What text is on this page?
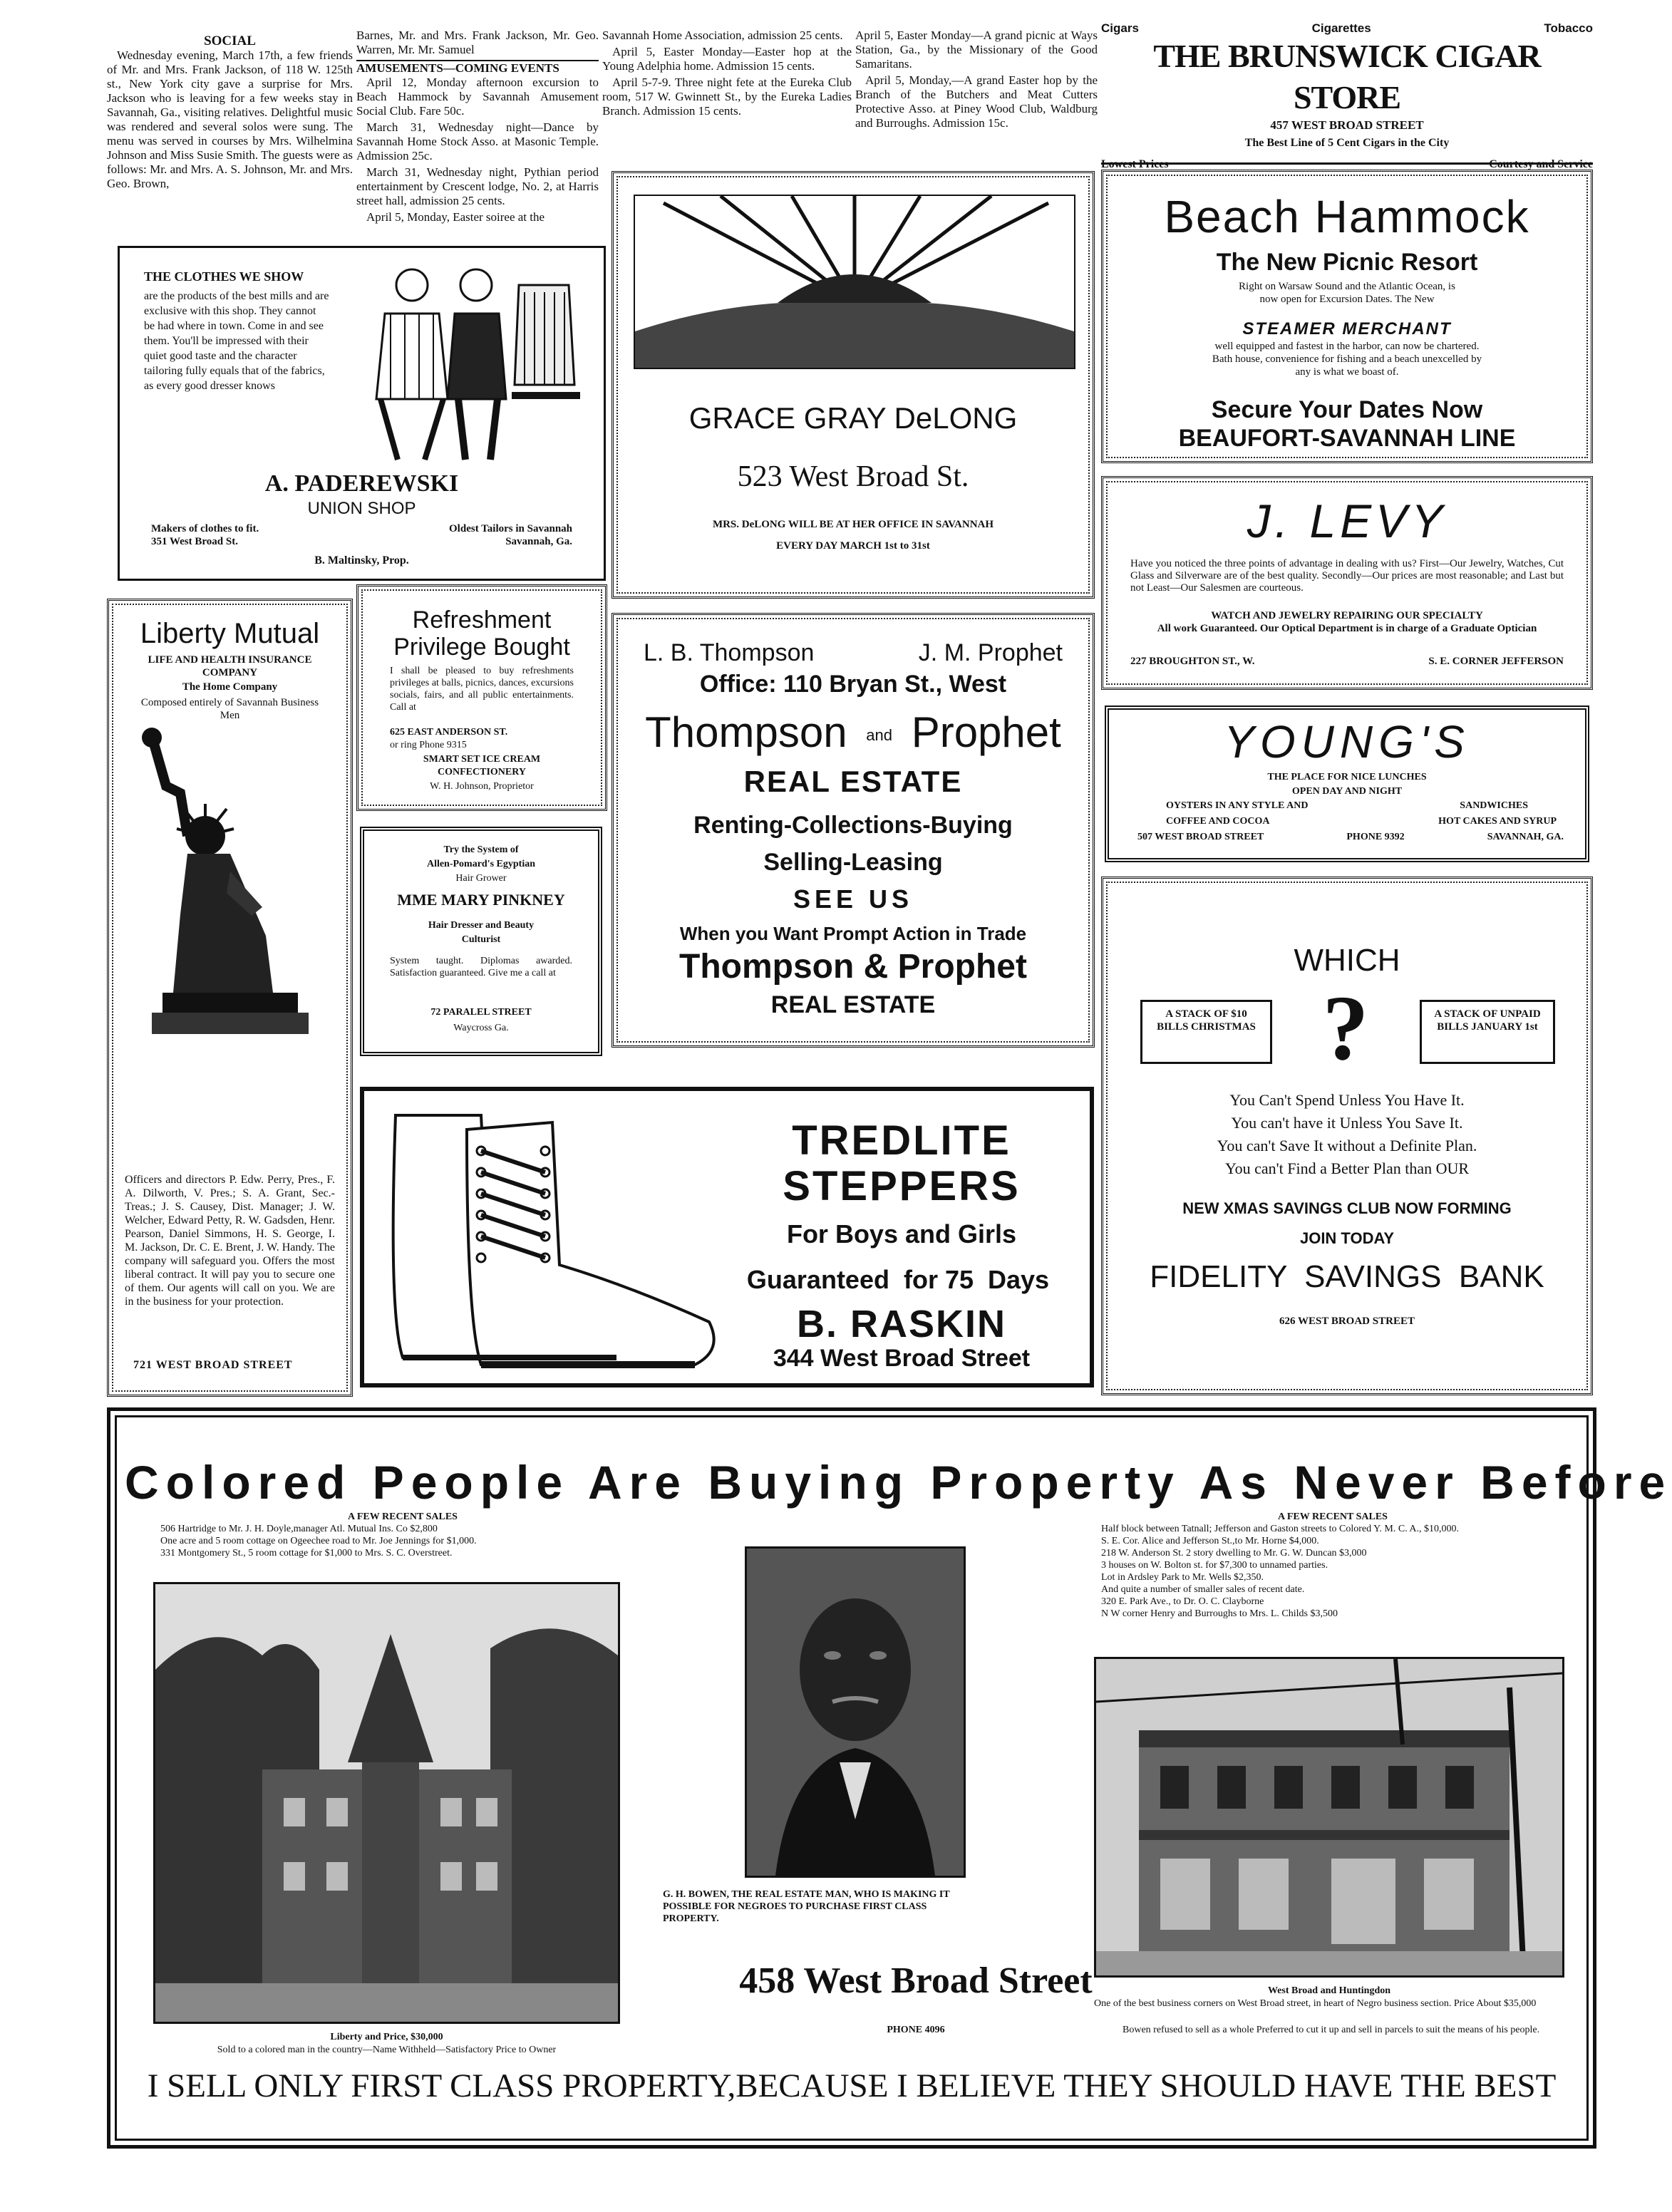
SOCIAL

Wednesday evening, March 17th, a few friends of Mr. and Mrs. Frank Jackson, of 118 W. 125th st., New York city gave a surprise for Mrs. Jackson who is leaving for a few weeks stay in Savannah, Ga., visiting relatives. Delightful music was rendered and several solos were sung. The menu was served in courses by Mrs. Wilhelmina Johnson and Miss Susie Smith. The guests were as follows: Mr. and Mrs. A. S. Johnson, Mr. and Mrs. Geo. Brown,

Barnes, Mr. and Mrs. Frank Jackson, Mr. Geo. Warren, Mr. Mr. Samuel
AMUSEMENTS—COMING EVENTS

April 12, Monday afternoon excursion to Beach Hammock by Savannah Amusement Social Club. Fare 50c.

March 31, Wednesday night—Dance by Savannah Home Stock Asso. at Masonic Temple. Admission 25c.

March 31, Wednesday night, Pythian period entertainment by Crescent lodge, No. 2, at Harris street hall, admission 25 cents.

April 5, Monday, Easter soiree at the

Savannah Home Association, admission 25 cents.

April 5, Easter Monday—Easter hop at the Young Adelphia home. Admission 15 cents.

April 5-7-9. Three night fete at the Eureka Club room, 517 W. Gwinnett St., by the Eureka Ladies Branch. Admission 15 cents.

April 5, Easter Monday—A grand picnic at Ways Station, Ga., by the Missionary of the Good Samaritans.

April 5, Monday,—A grand Easter hop by the Branch of the Butchers and Meat Cutters Protective Asso. at Piney Wood Club, Waldburg and Burroughs. Admission 15c.

Cigars	Cigarettes	Tobacco
THE BRUNSWICK CIGAR STORE
457 WEST BROAD STREET
The Best Line of 5 Cent Cigars in the City
THE CLOTHES WE SHOW
are the products of the best mills and are exclusive with this shop. They cannot be had where in town. Come in and see them. You'll be impressed with their quiet good taste and the character tailoring fully equals that of the fabrics, as every good dresser knows
A. PADEREWSKI
UNION SHOP
Makers of clothes to fit.	Oldest Tailors in Savannah
351 West Broad St.	Savannah, Ga.
B. Maltinsky, Prop.
GRACE GRAY DeLONG
523 West Broad St.
MRS. DeLONG WILL BE AT HER OFFICE IN SAVANNAH
EVERY DAY MARCH 1st to 31st
Beach Hammock
The New Picnic Resort
Right on Warsaw Sound and the Atlantic Ocean, is now open for Excursion Dates. The New
STEAMER MERCHANT
well equipped and fastest in the harbor, can now be chartered. Bath house, convenience for fishing and a beach unexcelled by any is what we boast of.
Secure Your Dates Now
BEAUFORT-SAVANNAH LINE
J. LEVY
Have you noticed the three points of advantage in dealing with us? First—Our Jewelry, Watches, Cut Glass and Silverware are of the best quality. Secondly—Our prices are most reasonable; and Last but not Least—Our Salesmen are courteous.
WATCH AND JEWELRY REPAIRING OUR SPECIALTY
All work Guaranteed. Our Optical Department is in charge of a Graduate Optician
227 BROUGHTON ST., W.	S. E. CORNER JEFFERSON
Liberty Mutual
LIFE AND HEALTH INSURANCE COMPANY
The Home Company
Composed entirely of Savannah Business Men
Officers and directors P. Edw. Perry, Pres., F. A. Dilworth, V. Pres.; S. A. Grant, Sec.-Treas.; J. S. Causey, Dist. Manager; J. W. Welcher, Edward Petty, R. W. Gadsden, Henr. Pearson, Daniel Simmons, H. S. George, I. M. Jackson, Dr. C. E. Brent, J. W. Handy. The company will safeguard you. Offers the most liberal contract. It will pay you to secure one of them. Our agents will call on you. We are in the business for your protection.
721 WEST BROAD STREET
Refreshment
Privilege Bought
I shall be pleased to buy refreshments privileges at balls, picnics, dances, excursions socials, fairs, and all public entertainments. Call at
625 EAST ANDERSON ST.
or ring Phone 9315
SMART SET ICE CREAM
CONFECTIONERY
W. H. Johnson, Proprietor
Try the System of
Allen-Pomard's Egyptian
Hair Grower
MME MARY PINKNEY
Hair Dresser and Beauty
Culturist
System taught. Diplomas awarded. Satisfaction guaranteed. Give me a call at
72 PARALEL STREET
Waycross Ga.
L. B. Thompson	J. M. Prophet
Office: 110 Bryan St., West
Thompson and Prophet
REAL ESTATE
Renting-Collections-Buying
Selling-Leasing
SEE US
When you Want Prompt Action in Trade
Thompson & Prophet
REAL ESTATE
YOUNG'S
THE PLACE FOR NICE LUNCHES
OPEN DAY AND NIGHT
OYSTERS IN ANY STYLE AND	SANDWICHES
COFFEE AND COCOA	HOT CAKES AND SYRUP
507 WEST BROAD STREET	PHONE 9392	SAVANNAH, GA.
TREDLITE
STEPPERS
For Boys and Girls
Guaranteed  for 75  Days
B. RASKIN
344 West Broad Street
WHICH
A STACK OF $10 BILLS CHRISTMAS ?	A STACK OF UNPAID BILLS JANUARY 1st
You Can't Spend Unless You Have It.
You can't have it Unless You Save It.
You can't Save It without a Definite Plan.
You can't Find a Better Plan than OUR
NEW XMAS SAVINGS CLUB NOW FORMING
JOIN TODAY
FIDELITY  SAVINGS  BANK
626 WEST BROAD STREET
Colored People Are Buying Property As Never Before
A FEW RECENT SALES
506 Hartridge to Mr. J. H. Doyle,manager Atl. Mutual Ins. Co $2,800
One acre and 5 room cottage on Ogeechee road to Mr. Joe Jennings for $1,000.
331 Montgomery St., 5 room cottage for $1,000 to Mrs. S. C. Overstreet.
Liberty and Price, $30,000
Sold to a colored man in the country—Name Withheld—Satisfactory Price to Owner
G. H. BOWEN, THE REAL ESTATE MAN, WHO IS MAKING IT POSSIBLE FOR NEGROES TO PURCHASE FIRST CLASS PROPERTY.
458 West Broad Street
PHONE 4096
A FEW RECENT SALES
Half block between Tatnall; Jefferson and Gaston streets to Colored Y. M. C. A., $10,000.
S. E. Cor. Alice and Jefferson St.,to Mr. Horne $4,000.
218 W. Anderson St. 2 story dwelling to Mr. G. W. Duncan $3,000
3 houses on W. Bolton st. for $7,300 to unnamed parties.
Lot in Ardsley Park to Mr. Wells $2,350.
And quite a number of smaller sales of recent date.
320 E. Park Ave., to Dr. O. C. Clayborne
N W corner Henry and Burroughs to Mrs. L. Childs $3,500
West Broad and Huntingdon
One of the best business corners on West Broad street, in heart of Negro business section. Price About $35,000
Bowen refused to sell as a whole Preferred to cut it up and sell in parcels to suit the means of his people.
I SELL ONLY FIRST CLASS PROPERTY,BECAUSE I BELIEVE THEY SHOULD HAVE THE BEST
